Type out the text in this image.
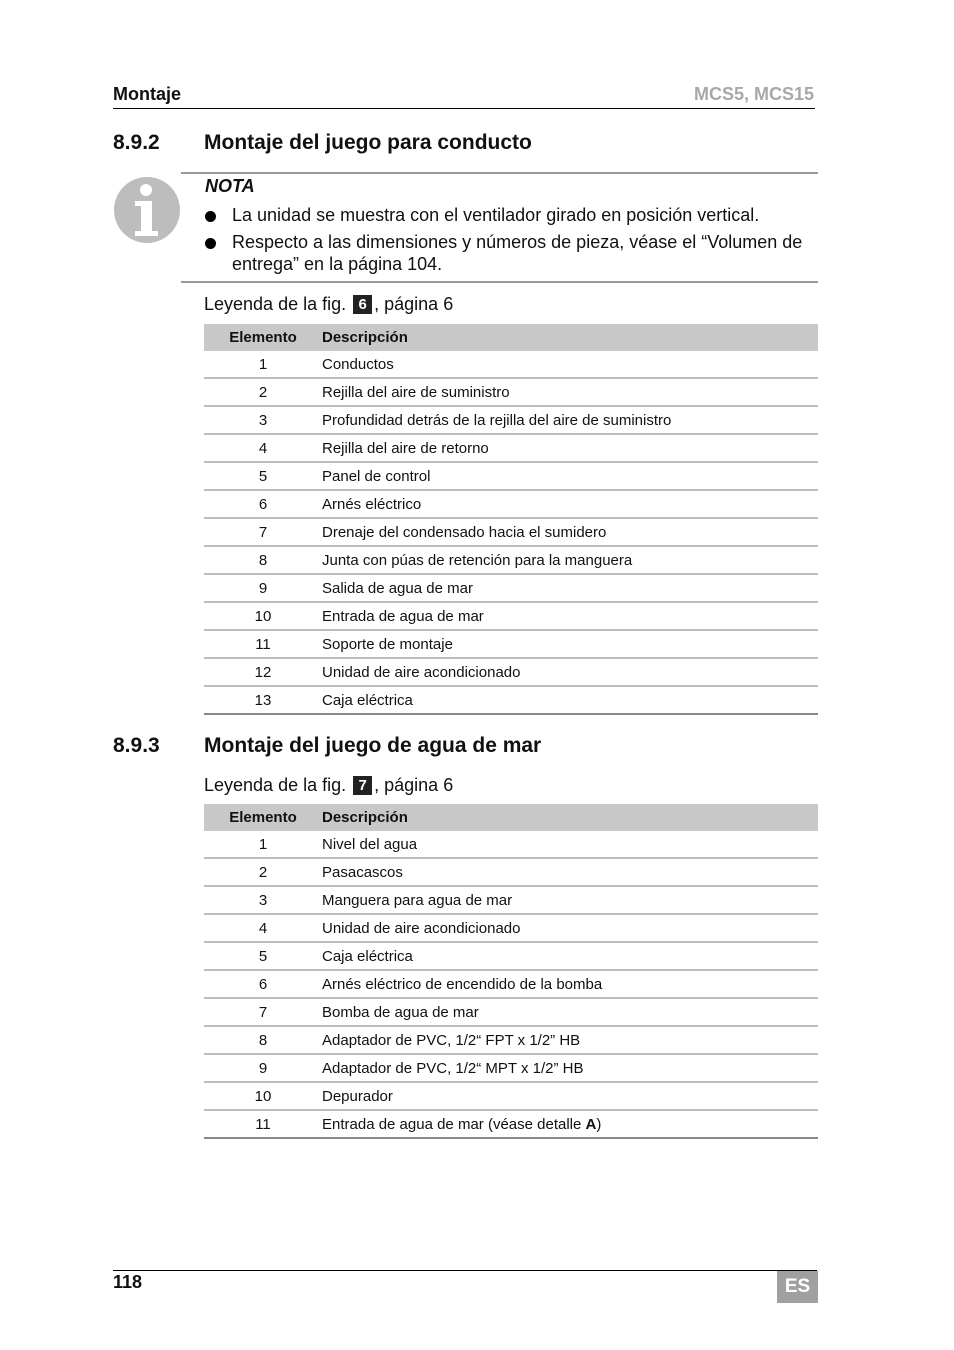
Montaje	MCS5, MCS15
8.9.2 Montaje del juego para conducto
NOTA
La unidad se muestra con el ventilador girado en posición vertical.
Respecto a las dimensiones y números de pieza, véase el “Volumen de entrega” en la página 104.
Leyenda de la fig. 6 , página 6
Elemento	Descripción
1	Conductos
2	Rejilla del aire de suministro
3	Profundidad detrás de la rejilla del aire de suministro
4	Rejilla del aire de retorno
5	Panel de control
6	Arnés eléctrico
7	Drenaje del condensado hacia el sumidero
8	Junta con púas de retención para la manguera
9	Salida de agua de mar
10	Entrada de agua de mar
11	Soporte de montaje
12	Unidad de aire acondicionado
13	Caja eléctrica
8.9.3 Montaje del juego de agua de mar
Leyenda de la fig. 7 , página 6
Elemento	Descripción
1	Nivel del agua
2	Pasacascos
3	Manguera para agua de mar
4	Unidad de aire acondicionado
5	Caja eléctrica
6	Arnés eléctrico de encendido de la bomba
7	Bomba de agua de mar
8	Adaptador de PVC, 1/2“ FPT x 1/2” HB
9	Adaptador de PVC, 1/2“ MPT x 1/2” HB
10	Depurador
11	Entrada de agua de mar (véase detalle A)
118	ES
